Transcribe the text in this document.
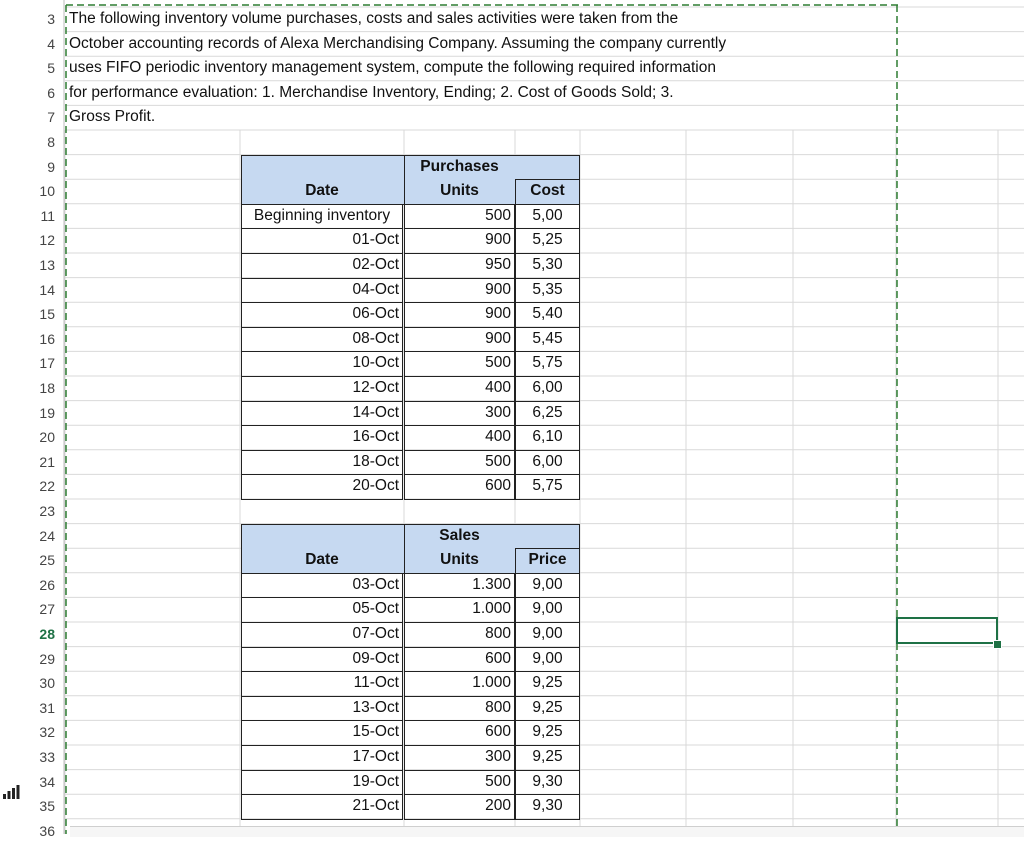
3
4
5
6
7
8
9
10
11
12
13
14
15
16
17
18
19
20
21
22
23
24
25
26
27
28
29
30
31
32
33
34
35
36

The following inventory volume purchases, costs and sales activities were taken from the
October accounting records of Alexa Merchandising Company. Assuming the company currently
uses FIFO periodic inventory management system, compute the following required information
for performance evaluation: 1. Merchandise Inventory, Ending; 2. Cost of Goods Sold; 3.
Gross Profit.

Purchases
Date	Units	Cost
Beginning inventory	500	5,00
01-Oct	900	5,25
02-Oct	950	5,30
04-Oct	900	5,35
06-Oct	900	5,40
08-Oct	900	5,45
10-Oct	500	5,75
12-Oct	400	6,00
14-Oct	300	6,25
16-Oct	400	6,10
18-Oct	500	6,00
20-Oct	600	5,75
Sales
Date	Units	Price
03-Oct	1.300	9,00
05-Oct	1.000	9,00
07-Oct	800	9,00
09-Oct	600	9,00
11-Oct	1.000	9,25
13-Oct	800	9,25
15-Oct	600	9,25
17-Oct	300	9,25
19-Oct	500	9,30
21-Oct	200	9,30
